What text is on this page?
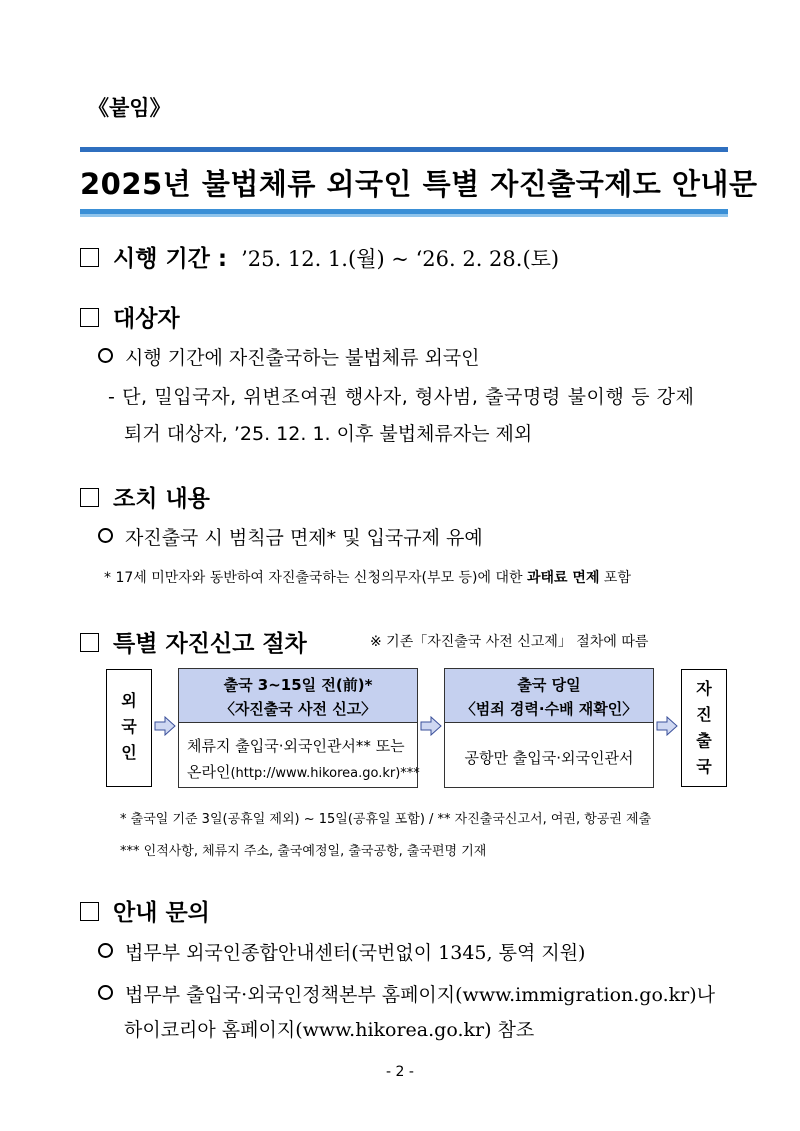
《붙임》
2025년 불법체류 외국인 특별 자진출국제도 안내문
시행 기간 : ’25. 12. 1.(월) ~ ‘26. 2. 28.(토)
대상자
시행 기간에 자진출국하는 불법체류 외국인
- 단, 밀입국자, 위변조여권 행사자, 형사범, 출국명령 불이행 등 강제
퇴거 대상자, ’25. 12. 1. 이후 불법체류자는 제외
조치 내용
자진출국 시 범칙금 면제* 및 입국규제 유예
* 17세 미만자와 동반하여 자진출국하는 신청의무자(부모 등)에 대한 과태료 면제 포함
특별 자진신고 절차	※ 기존「자진출국 사전 신고제」 절차에 따름
외
국
인
출국 3~15일 전(前)*
〈자진출국 사전 신고〉
체류지 출입국·외국인관서** 또는
온라인(http://www.hikorea.go.kr)***
출국 당일
〈범죄 경력·수배 재확인〉
공항만 출입국·외국인관서
자
진
출
국
* 출국일 기준 3일(공휴일 제외) ~ 15일(공휴일 포함) / ** 자진출국신고서, 여권, 항공권 제출
*** 인적사항, 체류지 주소, 출국예정일, 출국공항, 출국편명 기재
안내 문의
법무부 외국인종합안내센터(국번없이 1345, 통역 지원)
법무부 출입국·외국인정책본부 홈페이지(www.immigration.go.kr)나
하이코리아 홈페이지(www.hikorea.go.kr) 참조
- 2 -
